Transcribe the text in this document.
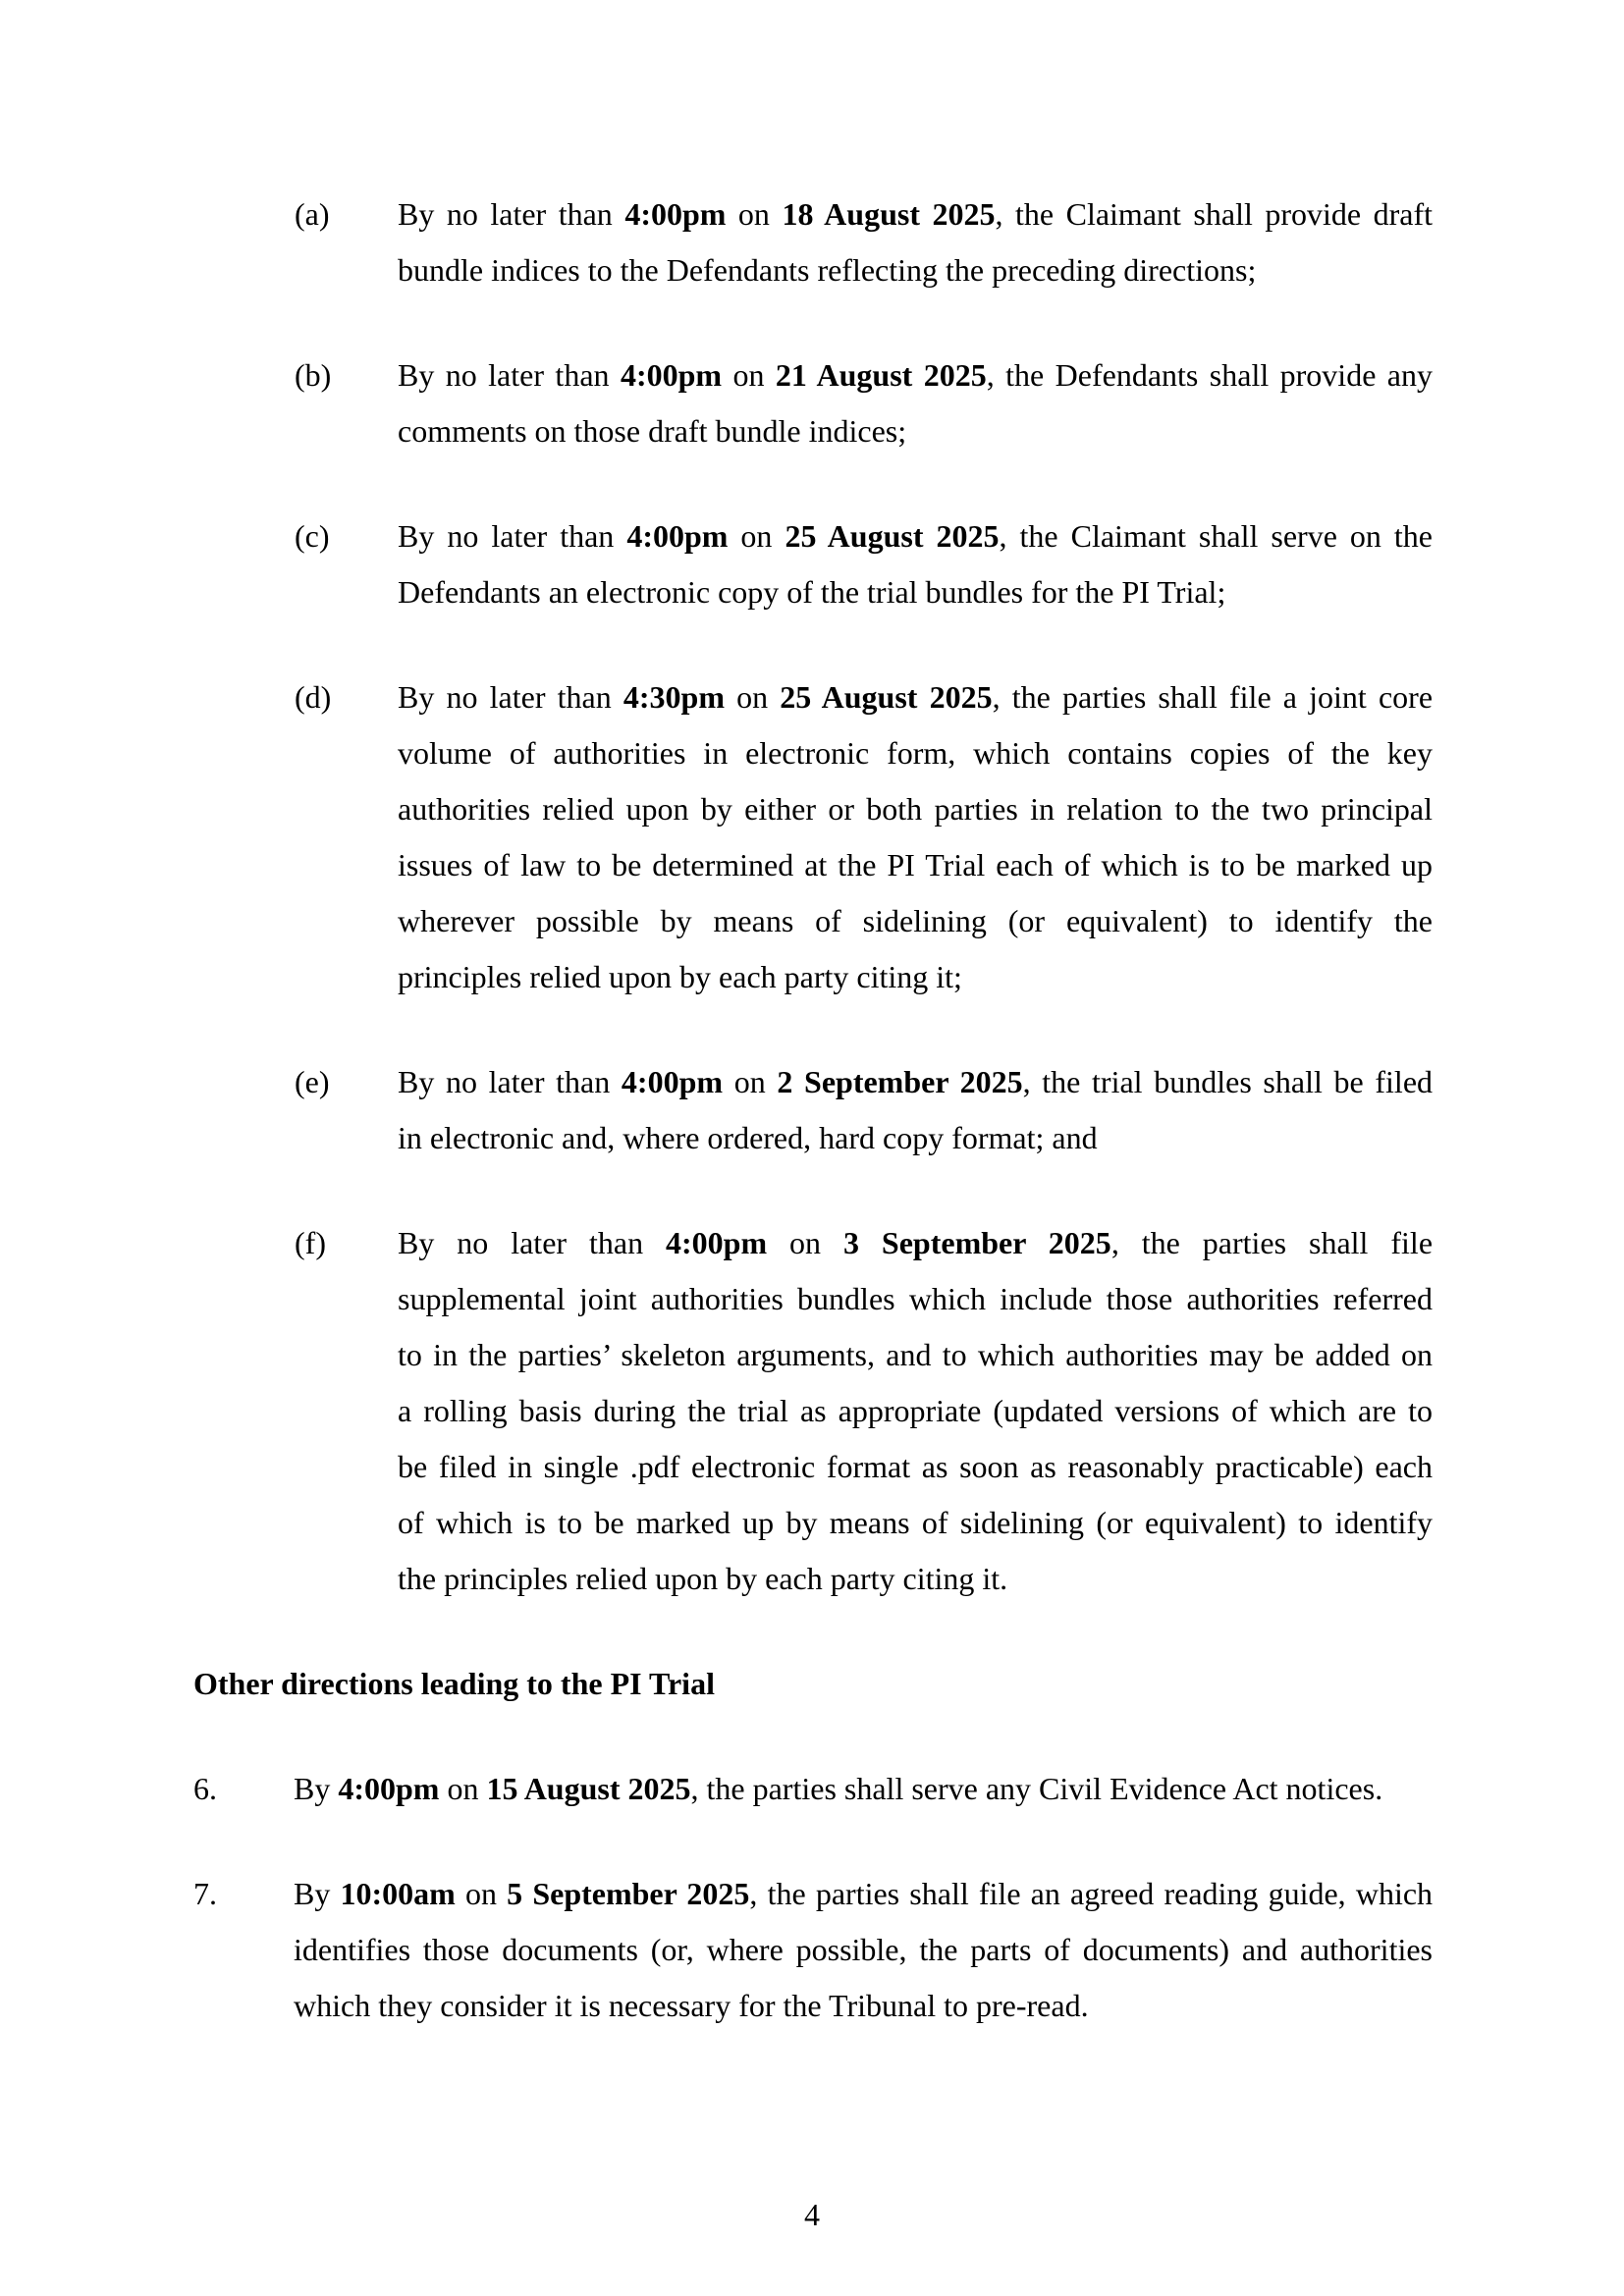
(a)	By no later than 4:00pm on 18 August 2025, the Claimant shall provide draft
bundle indices to the Defendants reflecting the preceding directions;
(b)	By no later than 4:00pm on 21 August 2025, the Defendants shall provide any
comments on those draft bundle indices;
(c)	By no later than 4:00pm on 25 August 2025, the Claimant shall serve on the
Defendants an electronic copy of the trial bundles for the PI Trial;
(d)	By no later than 4:30pm on 25 August 2025, the parties shall file a joint core
volume of authorities in electronic form, which contains copies of the key
authorities relied upon by either or both parties in relation to the two principal
issues of law to be determined at the PI Trial each of which is to be marked up
wherever possible by means of sidelining (or equivalent) to identify the
principles relied upon by each party citing it;
(e)	By no later than 4:00pm on 2 September 2025, the trial bundles shall be filed
in electronic and, where ordered, hard copy format; and
(f)	By no later than 4:00pm on 3 September 2025, the parties shall file
supplemental joint authorities bundles which include those authorities referred
to in the parties’ skeleton arguments, and to which authorities may be added on
a rolling basis during the trial as appropriate (updated versions of which are to
be filed in single .pdf electronic format as soon as reasonably practicable) each
of which is to be marked up by means of sidelining (or equivalent) to identify
the principles relied upon by each party citing it.
Other directions leading to the PI Trial
6.	By 4:00pm on 15 August 2025, the parties shall serve any Civil Evidence Act notices.
7.	By 10:00am on 5 September 2025, the parties shall file an agreed reading guide, which
identifies those documents (or, where possible, the parts of documents) and authorities
which they consider it is necessary for the Tribunal to pre-read.
4
